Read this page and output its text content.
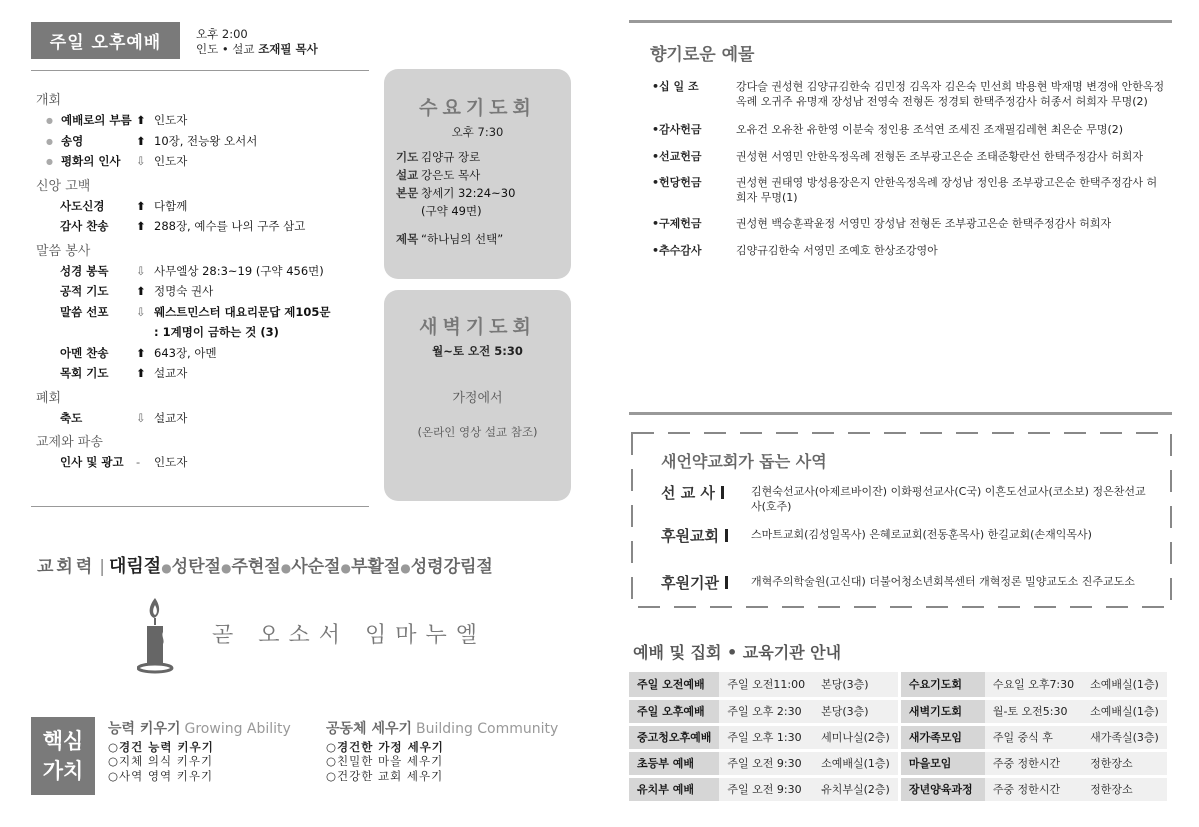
주일 오후예배	오후 2:00
인도 • 설교 조재필 목사
개회
● 예배로의 부름 ⬆ 인도자
● 송영	⬆ 10장, 전능왕 오서서
● 평화의 인사	⇩ 인도자
신앙 고백
사도신경	⬆ 다함께
감사 찬송	⬆ 288장, 예수를 나의 구주 삼고
말씀 봉사
성경 봉독	⇩ 사무엘상 28:3~19 (구약 456면)
공적 기도	⬆ 정명숙 권사
말씀 선포	⇩ 웨스트민스터 대요리문답 제105문
: 1계명이 금하는 것 (3)
아멘 찬송	⬆ 643장, 아멘
목회 기도	⬆ 설교자
폐회
축도	⇩ 설교자
교제와 파송
인사 및 광고	-	인도자
수요기도회
오후 7:30
기도 김양규 장로
설교 강은도 목사
본문 창세기 32:24~30
(구약 49면)
제목 “하나님의 선택”
새벽기도회
월~토 오전 5:30
가정에서
(온라인 영상 설교 참조)
교회력 | 대림절●성탄절●주현절●사순절●부활절●성령강림절
곧 오소서 임마누엘
핵심
가치
능력 키우기 Growing Ability
○경건 능력 키우기
○지체 의식 키우기
○사역 영역 키우기
공동체 세우기 Building Community
○경건한 가정 세우기
○친밀한 마을 세우기
○건강한 교회 세우기
향기로운 예물
•십 일 조	강다슬 권성현 김양규김한숙 김민정 김옥자 김은숙 민선희 박용현 박재명 변경애 안한옥정옥례 오귀주 유명재 장성남 전영숙 전형돈 정경퇴 한택주정감사 허종서 허희자 무명(2)
•감사헌금	오유건 오유찬 유한영 이분숙 정인용 조석연 조세진 조재필김레현 최은순 무명(2)
•선교헌금	권성현 서영민 안한옥정옥례 전형돈 조부광고은순 조태준황란선 한택주정감사 허희자
•헌당헌금	권성현 권태영 방성용장은지 안한옥정옥례 장성남 정인용 조부광고은순 한택주정감사 허희자 무명(1)
•구제헌금	권성현 백승훈곽윤정 서영민 장성남 전형돈 조부광고은순 한택주정감사 허희자
•추수감사	김양규김한숙 서영민 조예호 한상조강영아
새언약교회가 돕는 사역
선 교 사	김현숙선교사(아제르바이잔) 이화평선교사(C국) 이흔도선교사(코소보) 정은찬선교사(호주)
후원교회	스마트교회(김성일목사) 은혜로교회(전동훈목사) 한길교회(손재익목사)
후원기관	개혁주의학술원(고신대) 더불어청소년회복센터 개혁정론 밀양교도소 진주교도소
예배 및 집회 • 교육기관 안내
주일 오전예배	주일 오전11:00	본당(3층)		수요기도회	수요일 오후7:30	소예배실(1층)
주일 오후예배	주일 오후 2:30	본당(3층)		새벽기도회	월-토 오전5:30	소예배실(1층)
중고청오후예배	주일 오후 1:30	세미나실(2층)		새가족모임	주일 중식 후	새가족실(3층)
초등부 예배	주일 오전 9:30	소예배실(1층)		마을모임	주중 정한시간	정한장소
유치부 예배	주일 오전 9:30	유치부실(2층)		장년양육과정	주중 정한시간	정한장소
